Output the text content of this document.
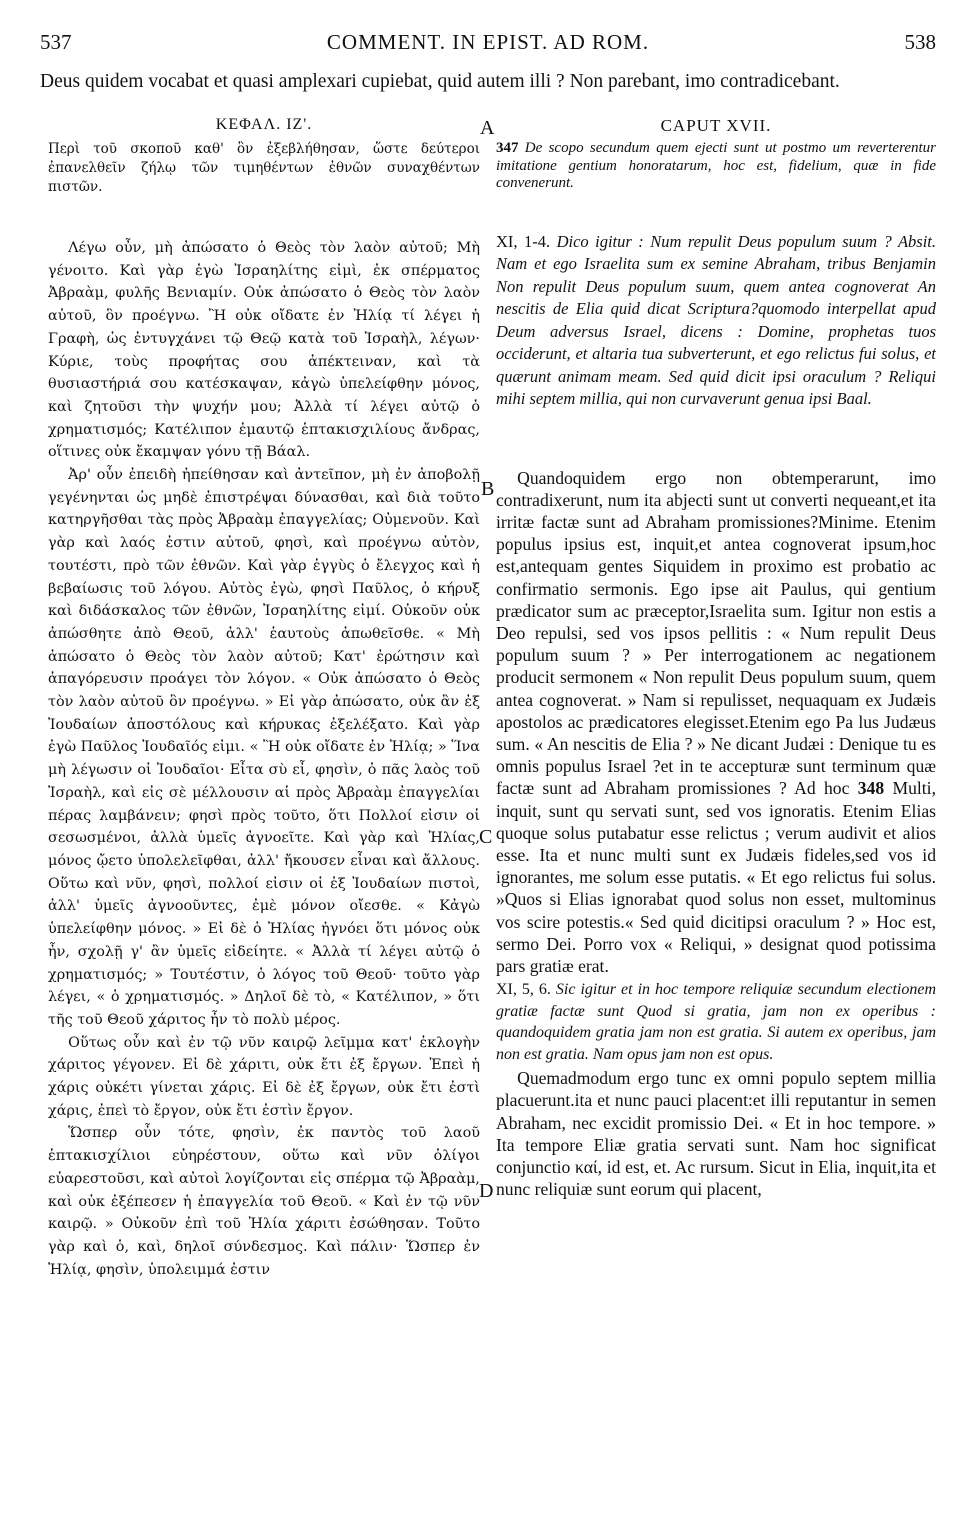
537	COMMENT. IN EPIST. AD ROM.	538
Deus quidem vocabat et quasi amplexari cupiebat, quid autem illi ? Non parebant, imo contradicebant.
ΚΕΦΑΛ. ΙΖ'.

Περὶ τοῦ σκοποῦ καθ' ὃν ἐξεβλήθησαν, ὥστε δεύτεροι ἐπανελθεῖν ζήλῳ τῶν τιμηθέντων ἐθνῶν συναχθέντων πιστῶν.

Λέγω οὖν, μὴ ἀπώσατο ὁ Θεὸς τὸν λαὸν αὐτοῦ; Μὴ γένοιτο. Καὶ γὰρ ἐγὼ Ἰσραηλίτης εἰμὶ, ἐκ σπέρματος Ἀβραὰμ, φυλῆς Βενιαμίν. Οὐκ ἀπώσατο ὁ Θεὸς τὸν λαὸν αὐτοῦ, ὃν προέγνω. Ἢ οὐκ οἴδατε ἐν Ἠλίᾳ τί λέγει ἡ Γραφὴ, ὡς ἐντυγχάνει τῷ Θεῷ κατὰ τοῦ Ἰσραὴλ, λέγων· Κύριε, τοὺς προφήτας σου ἀπέκτειναν, καὶ τὰ θυσιαστήριά σου κατέσκαψαν, κἀγὼ ὑπελείφθην μόνος, καὶ ζητοῦσι τὴν ψυχήν μου; Ἀλλὰ τί λέγει αὐτῷ ὁ χρηματισμός; Κατέλιπον ἐμαυτῷ ἑπτακισχιλίους ἄνδρας, οἵτινες οὐκ ἔκαμψαν γόνυ τῇ Βάαλ.

Ἀρ' οὖν ἐπειδὴ ἠπείθησαν καὶ ἀντεῖπον, μὴ ἐν ἀποβολῇ γεγένηνται ὡς μηδὲ ἐπιστρέψαι δύνασθαι, καὶ διὰ τοῦτο κατηργῆσθαι τὰς πρὸς Ἀβραὰμ ἐπαγγελίας; Οὐμενοῦν. Καὶ γὰρ καὶ λαός ἐστιν αὐτοῦ, φησὶ, καὶ προέγνω αὐτὸν, τουτέστι, πρὸ τῶν ἐθνῶν. Καὶ γὰρ ἐγγὺς ὁ ἔλεγχος καὶ ἡ βεβαίωσις τοῦ λόγου. Αὐτὸς ἐγὼ, φησὶ Παῦλος, ὁ κήρυξ καὶ διδάσκαλος τῶν ἐθνῶν, Ἰσραηλίτης εἰμί. Οὐκοῦν οὐκ ἀπώσθητε ἀπὸ Θεοῦ, ἀλλ' ἑαυτοὺς ἀπωθεῖσθε. « Μὴ ἀπώσατο ὁ Θεὸς τὸν λαὸν αὐτοῦ; Κατ' ἐρώτησιν καὶ ἀπαγόρευσιν προάγει τὸν λόγον. « Οὐκ ἀπώσατο ὁ Θεὸς τὸν λαὸν αὐτοῦ ὃν προέγνω. » Εἰ γὰρ ἀπώσατο, οὐκ ἂν ἐξ Ἰουδαίων ἀποστόλους καὶ κήρυκας ἐξελέξατο. Καὶ γὰρ ἐγὼ Παῦλος Ἰουδαῖός εἰμι. « Ἢ οὐκ οἴδατε ἐν Ἠλίᾳ; » Ἵνα μὴ λέγωσιν οἱ Ἰουδαῖοι· Εἶτα σὺ εἶ, φησὶν, ὁ πᾶς λαὸς τοῦ Ἰσραὴλ, καὶ εἰς σὲ μέλλουσιν αἱ πρὸς Ἀβραὰμ ἐπαγγελίαι πέρας λαμβάνειν; φησὶ πρὸς τοῦτο, ὅτι Πολλοί εἰσιν οἱ σεσωσμένοι, ἀλλὰ ὑμεῖς ἀγνοεῖτε. Καὶ γὰρ καὶ Ἠλίας, μόνος ᾤετο ὑπολελεῖφθαι, ἀλλ' ἤκουσεν εἶναι καὶ ἄλλους. Οὕτω καὶ νῦν, φησὶ, πολλοί εἰσιν οἱ ἐξ Ἰουδαίων πιστοὶ, ἀλλ' ὑμεῖς ἀγνοοῦντες, ἐμὲ μόνον οἴεσθε. « Κἀγὼ ὑπελείφθην μόνος. » Εἰ δὲ ὁ Ἠλίας ἠγνόει ὅτι μόνος οὐκ ἦν, σχολῇ γ' ἂν ὑμεῖς εἰδείητε. « Ἀλλὰ τί λέγει αὐτῷ ὁ χρηματισμός; » Τουτέστιν, ὁ λόγος τοῦ Θεοῦ· τοῦτο γὰρ λέγει, « ὁ χρηματισμός. » Δηλοῖ δὲ τὸ, « Κατέλιπον, » ὅτι τῆς τοῦ Θεοῦ χάριτος ἦν τὸ πολὺ μέρος.

Οὕτως οὖν καὶ ἐν τῷ νῦν καιρῷ λεῖμμα κατ' ἐκλογὴν χάριτος γέγονεν. Εἰ δὲ χάριτι, οὐκ ἔτι ἐξ ἔργων. Ἐπεὶ ἡ χάρις οὐκέτι γίνεται χάρις. Εἰ δὲ ἐξ ἔργων, οὐκ ἔτι ἐστὶ χάρις, ἐπεὶ τὸ ἔργον, οὐκ ἔτι ἐστὶν ἔργον.

Ὥσπερ οὖν τότε, φησὶν, ἐκ παντὸς τοῦ λαοῦ ἑπτακισχίλιοι εὐηρέστουν, οὕτω καὶ νῦν ὀλίγοι εὐαρεστοῦσι, καὶ αὐτοὶ λογίζονται εἰς σπέρμα τῷ Ἀβραὰμ, καὶ οὐκ ἐξέπεσεν ἡ ἐπαγγελία τοῦ Θεοῦ. « Καὶ ἐν τῷ νῦν καιρῷ. » Οὐκοῦν ἐπὶ τοῦ Ἠλία χάριτι ἐσώθησαν. Τοῦτο γὰρ καὶ ὁ, καὶ, δηλοῖ σύνδεσμος. Καὶ πάλιν· Ὥσπερ ἐν Ἠλίᾳ, φησὶν, ὑπολειμμά ἐστιν

CAPUT XVII.

347 De scopo secundum quem ejecti sunt ut postmo um reverterentur imitatione gentium honoratarum, hoc est, fidelium, quæ in fide convenerunt.

XI, 1-4. Dico igitur : Num repulit Deus populum suum ? Absit. Nam et ego Israelita sum ex semine Abraham, tribus Benjamin Non repulit Deus populum suum, quem antea cognoverat An nescitis de Elia quid dicat Scriptura?quomodo interpellat apud Deum adversus Israel, dicens : Domine, prophetas tuos occiderunt, et altaria tua subverterunt, et ego relictus fui solus, et quærunt animam meam. Sed quid dicit ipsi oraculum ? Reliqui mihi septem millia, qui non curvaverunt genua ipsi Baal.

Quandoquidem ergo non obtemperarunt, imo contradixerunt, num ita abjecti sunt ut converti nequeant,et ita irritæ factæ sunt ad Abraham promissiones?Minime. Etenim populus ipsius est, inquit,et antea cognoverat ipsum,hoc est,antequam gentes Siquidem in proximo est probatio ac confirmatio sermonis. Ego ipse ait Paulus, qui gentium prædicator sum ac præceptor,Israelita sum. Igitur non estis a Deo repulsi, sed vos ipsos pellitis : « Num repulit Deus populum suum ? » Per interrogationem ac negationem producit sermonem « Non repulit Deus populum suum, quem antea cognoverat. » Nam si repulisset, nequaquam ex Judæis apostolos ac prædicatores elegisset.Etenim ego Pa lus Judæus sum. « An nescitis de Elia ? » Ne dicant Judæi : Denique tu es omnis populus Israel ?et in te accepturæ sunt terminum quæ factæ sunt ad Abraham promissiones ? Ad hoc 348 Multi, inquit, sunt qu servati sunt, sed vos ignoratis. Etenim Elias quoque solus putabatur esse relictus ; verum audivit et alios esse. Ita et nunc multi sunt ex Judæis fideles,sed vos id ignorantes, me solum esse putatis. « Et ego relictus fui solus. »Quos si Elias ignorabat quod solus non esset, multominus vos scire potestis.« Sed quid dicitipsi oraculum ? » Hoc est, sermo Dei. Porro vox « Reliqui, » designat quod potissima pars gratiæ erat.

XI, 5, 6. Sic igitur et in hoc tempore reliquiæ secundum electionem gratiæ factæ sunt Quod si gratia, jam non ex operibus : quandoquidem gratia jam non est gratia. Si autem ex operibus, jam non est gratia. Nam opus jam non est opus.

Quemadmodum ergo tunc ex omni populo septem millia placuerunt.ita et nunc pauci placent:et illi reputantur in semen Abraham, nec excidit promissio Dei. « Et in hoc tempore. » Ita tempore Eliæ gratia servati sunt. Nam hoc significat conjunctio καί, id est, et. Ac rursum. Sicut in Elia, inquit,ita et nunc reliquiæ sunt eorum qui placent,

A
B
C
D
